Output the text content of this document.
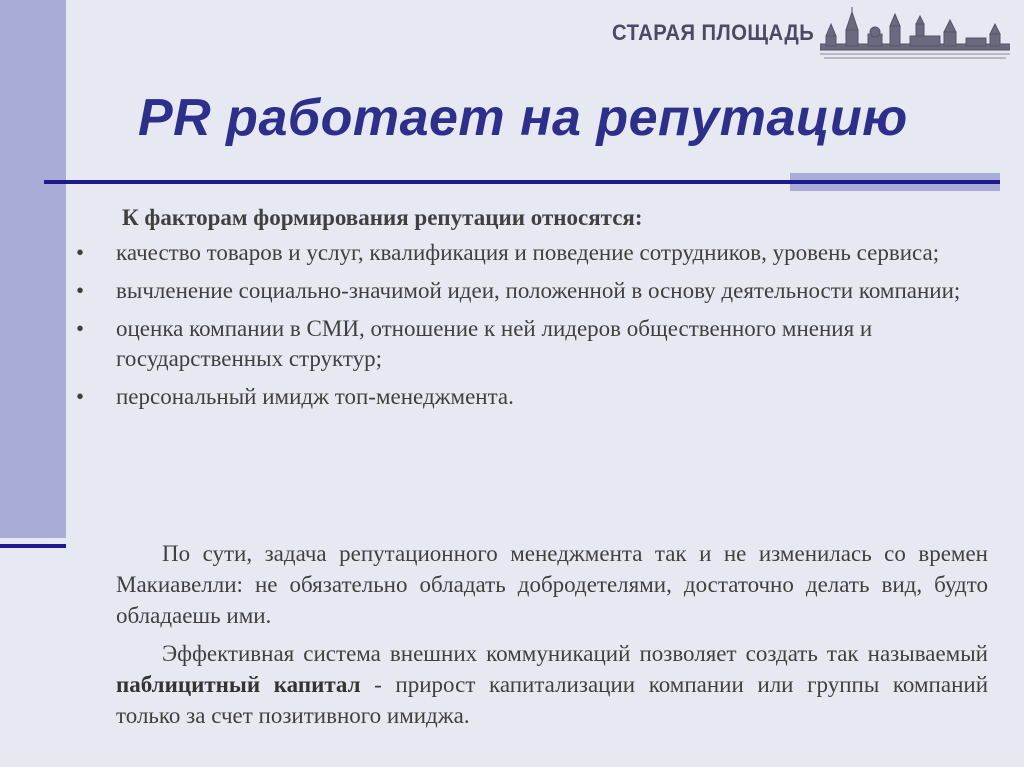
СТАРАЯ ПЛОЩАДЬ
PR работает на репутацию
К факторам формирования репутации относятся:
• качество товаров и услуг, квалификация и поведение сотрудников, уровень сервиса;
• вычленение социально-значимой идеи, положенной в основу деятельности компании;
• оценка компании в СМИ, отношение к ней лидеров общественного мнения и государственных структур;
• персональный имидж топ-менеджмента.

По сути, задача репутационного менеджмента так и не изменилась со времен Макиавелли: не обязательно обладать добродетелями, достаточно делать вид, будто обладаешь ими.

Эффективная система внешних коммуникаций позволяет создать так называемый паблицитный капитал - прирост капитализации компании или группы компаний только за счет позитивного имиджа.
